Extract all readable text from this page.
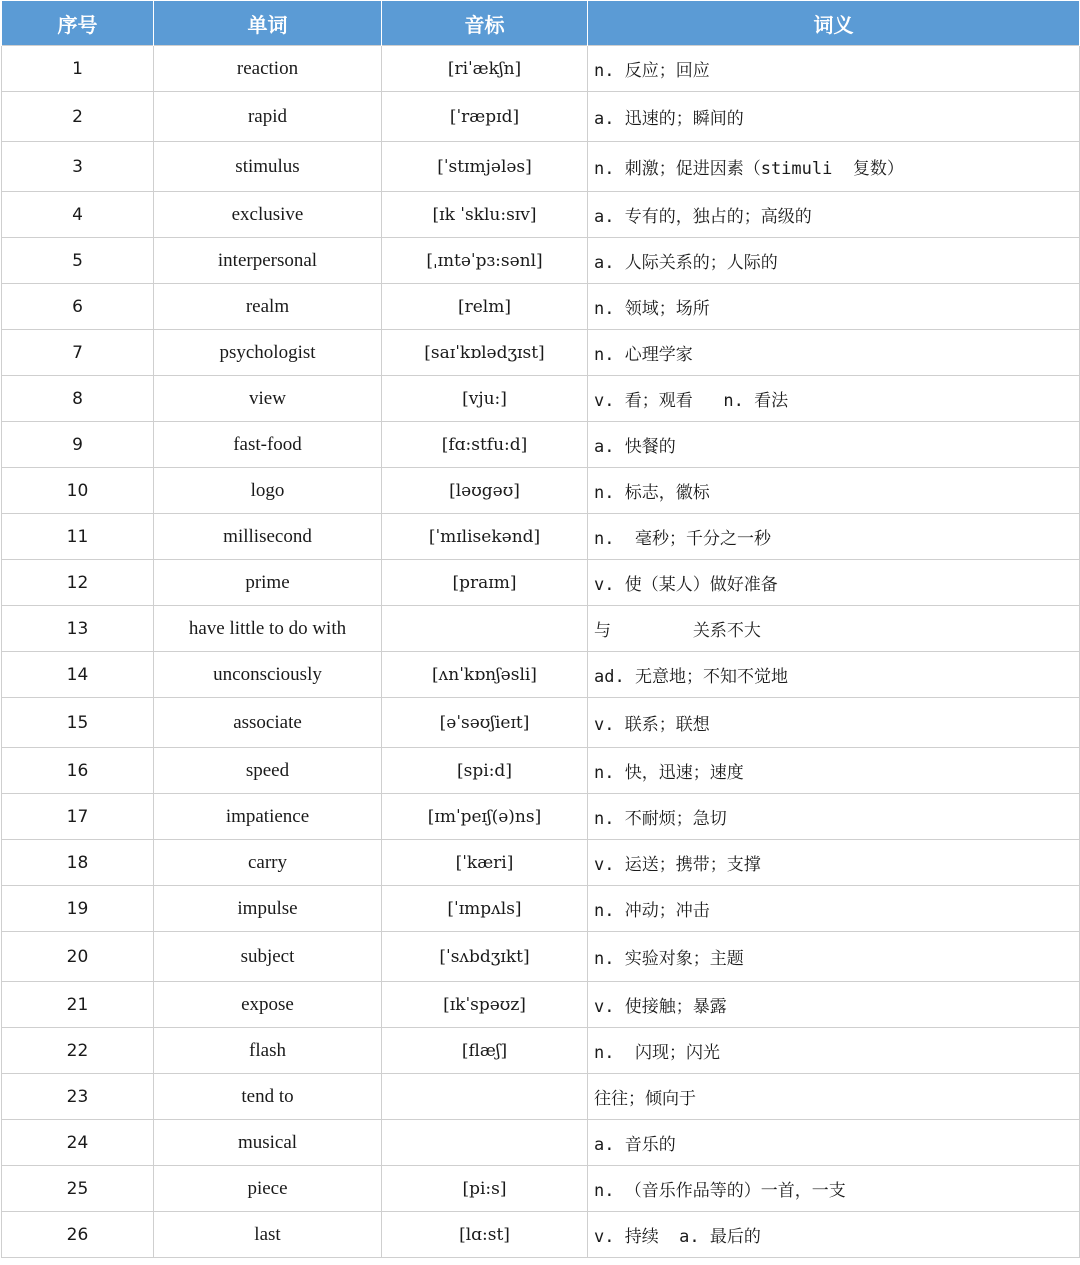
序号	单词	音标	词义
1	reaction	[riˈækʃn]	n. 反应；回应
2	rapid	[ˈræpɪd]	a. 迅速的；瞬间的
3	stimulus	[ˈstɪmjələs]	n. 刺激；促进因素（stimuli  复数）
4	exclusive	[ɪk ˈsklu:sɪv]	a. 专有的，独占的；高级的
5	interpersonal	[ˌɪntəˈpɜ:sənl]	a. 人际关系的；人际的
6	realm	[relm]	n. 领域；场所
7	psychologist	[saɪˈkɒlədʒɪst]	n. 心理学家
8	view	[vju:]	v. 看；观看   n. 看法
9	fast-food	[fɑ:stfu:d]	a. 快餐的
10	logo	[ləʊgəʊ]	n. 标志，徽标
11	millisecond	[ˈmɪlisekənd]	n.  毫秒；千分之一秒
12	prime	[praɪm]	v. 使（某人）做好准备
13	have little to do with		与        关系不大
14	unconsciously	[ʌnˈkɒnʃəsli]	ad. 无意地；不知不觉地
15	associate	[əˈsəʊʃieɪt]	v. 联系；联想
16	speed	[spi:d]	n. 快，迅速；速度
17	impatience	[ɪmˈpeɪʃ(ə)ns]	n. 不耐烦；急切
18	carry	[ˈkæri]	v. 运送；携带；支撑
19	impulse	[ˈɪmpʌls]	n. 冲动；冲击
20	subject	[ˈsʌbdʒɪkt]	n. 实验对象；主题
21	expose	[ɪkˈspəʊz]	v. 使接触；暴露
22	flash	[flæʃ]	n.  闪现；闪光
23	tend to		往往；倾向于
24	musical		a. 音乐的
25	piece	[pi:s]	n. （音乐作品等的）一首，一支
26	last	[lɑ:st]	v. 持续  a. 最后的
